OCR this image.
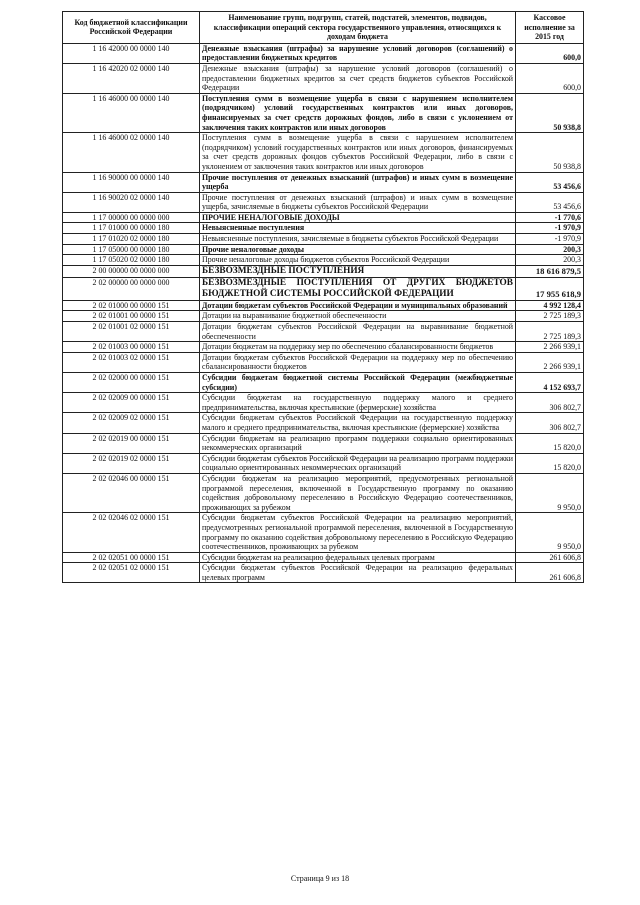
Код бюджетной классификации Российской Федерации	Наименование групп, подгрупп, статей, подстатей, элементов, подвидов, классификации операций сектора государственного управления, относящихся к доходам бюджета	Кассовое исполнение за 2015 год
1 16 42000 00 0000 140	Денежные взыскания (штрафы) за нарушение условий договоров (соглашений) о предоставлении бюджетных кредитов	600,0
1 16 42020 02 0000 140	Денежные взыскания (штрафы) за нарушение условий договоров (соглашений) о предоставлении бюджетных кредитов за счет средств бюджетов субъектов Российской Федерации	600,0
1 16 46000 00 0000 140	Поступления сумм в возмещение ущерба в связи с нарушением исполнителем (подрядчиком) условий государственных контрактов или иных договоров, финансируемых за счет средств дорожных фондов, либо в связи с уклонением от заключения таких контрактов или иных договоров	50 938,8
1 16 46000 02 0000 140	Поступления сумм в возмещение ущерба в связи с нарушением исполнителем (подрядчиком) условий государственных контрактов или иных договоров, финансируемых за счет средств дорожных фондов субъектов Российской Федерации, либо в связи с уклонением от заключения таких контрактов или иных договоров	50 938,8
1 16 90000 00 0000 140	Прочие поступления от денежных взысканий (штрафов) и иных сумм в возмещение ущерба	53 456,6
1 16 90020 02 0000 140	Прочие поступления от денежных взысканий (штрафов) и иных сумм в возмещение ущерба, зачисляемые в бюджеты субъектов Российской Федерации	53 456,6
1 17 00000 00 0000 000	ПРОЧИЕ НЕНАЛОГОВЫЕ ДОХОДЫ	-1 770,6
1 17 01000 00 0000 180	Невыясненные поступления	-1 970,9
1 17 01020 02 0000 180	Невыясненные поступления, зачисляемые в бюджеты субъектов Российской Федерации	-1 970,9
1 17 05000 00 0000 180	Прочие неналоговые доходы	200,3
1 17 05020 02 0000 180	Прочие неналоговые доходы бюджетов субъектов Российской Федерации	200,3
2 00 00000 00 0000 000	БЕЗВОЗМЕЗДНЫЕ ПОСТУПЛЕНИЯ	18 616 879,5
2 02 00000 00 0000 000	БЕЗВОЗМЕЗДНЫЕ ПОСТУПЛЕНИЯ ОТ ДРУГИХ БЮДЖЕТОВ БЮДЖЕТНОЙ СИСТЕМЫ РОССИЙСКОЙ ФЕДЕРАЦИИ	17 955 618,9
2 02 01000 00 0000 151	Дотации бюджетам субъектов Российской Федерации и муниципальных образований	4 992 128,4
2 02 01001 00 0000 151	Дотации на выравнивание бюджетной обеспеченности	2 725 189,3
2 02 01001 02 0000 151	Дотации бюджетам субъектов Российской Федерации на выравнивание бюджетной обеспеченности	2 725 189,3
2 02 01003 00 0000 151	Дотации бюджетам на поддержку мер по обеспечению сбалансированности бюджетов	2 266 939,1
2 02 01003 02 0000 151	Дотации бюджетам субъектов Российской Федерации на поддержку мер по обеспечению сбалансированности бюджетов	2 266 939,1
2 02 02000 00 0000 151	Субсидии бюджетам бюджетной системы Российской Федерации (межбюджетные субсидии)	4 152 693,7
2 02 02009 00 0000 151	Субсидии бюджетам на государственную поддержку малого и среднего предпринимательства, включая крестьянские (фермерские) хозяйства	306 802,7
2 02 02009 02 0000 151	Субсидии бюджетам субъектов Российской Федерации на государственную поддержку малого и среднего предпринимательства, включая крестьянские (фермерские) хозяйства	306 802,7
2 02 02019 00 0000 151	Субсидии бюджетам на реализацию программ поддержки социально ориентированных некоммерческих организаций	15 820,0
2 02 02019 02 0000 151	Субсидии бюджетам субъектов Российской Федерации на реализацию программ поддержки социально ориентированных некоммерческих организаций	15 820,0
2 02 02046 00 0000 151	Субсидии бюджетам на реализацию мероприятий, предусмотренных региональной программой переселения, включенной в Государственную программу по оказанию содействия добровольному переселению в Российскую Федерацию соотечественников, проживающих за рубежом	9 950,0
2 02 02046 02 0000 151	Субсидии бюджетам субъектов Российской Федерации на реализацию мероприятий, предусмотренных региональной программой переселения, включенной в Государственную программу по оказанию содействия добровольному переселению в Российскую Федерацию соотечественников, проживающих за рубежом	9 950,0
2 02 02051 00 0000 151	Субсидии бюджетам на реализацию федеральных целевых программ	261 606,8
2 02 02051 02 0000 151	Субсидии бюджетам субъектов Российской Федерации на реализацию федеральных целевых программ	261 606,8
Страница 9 из 18
